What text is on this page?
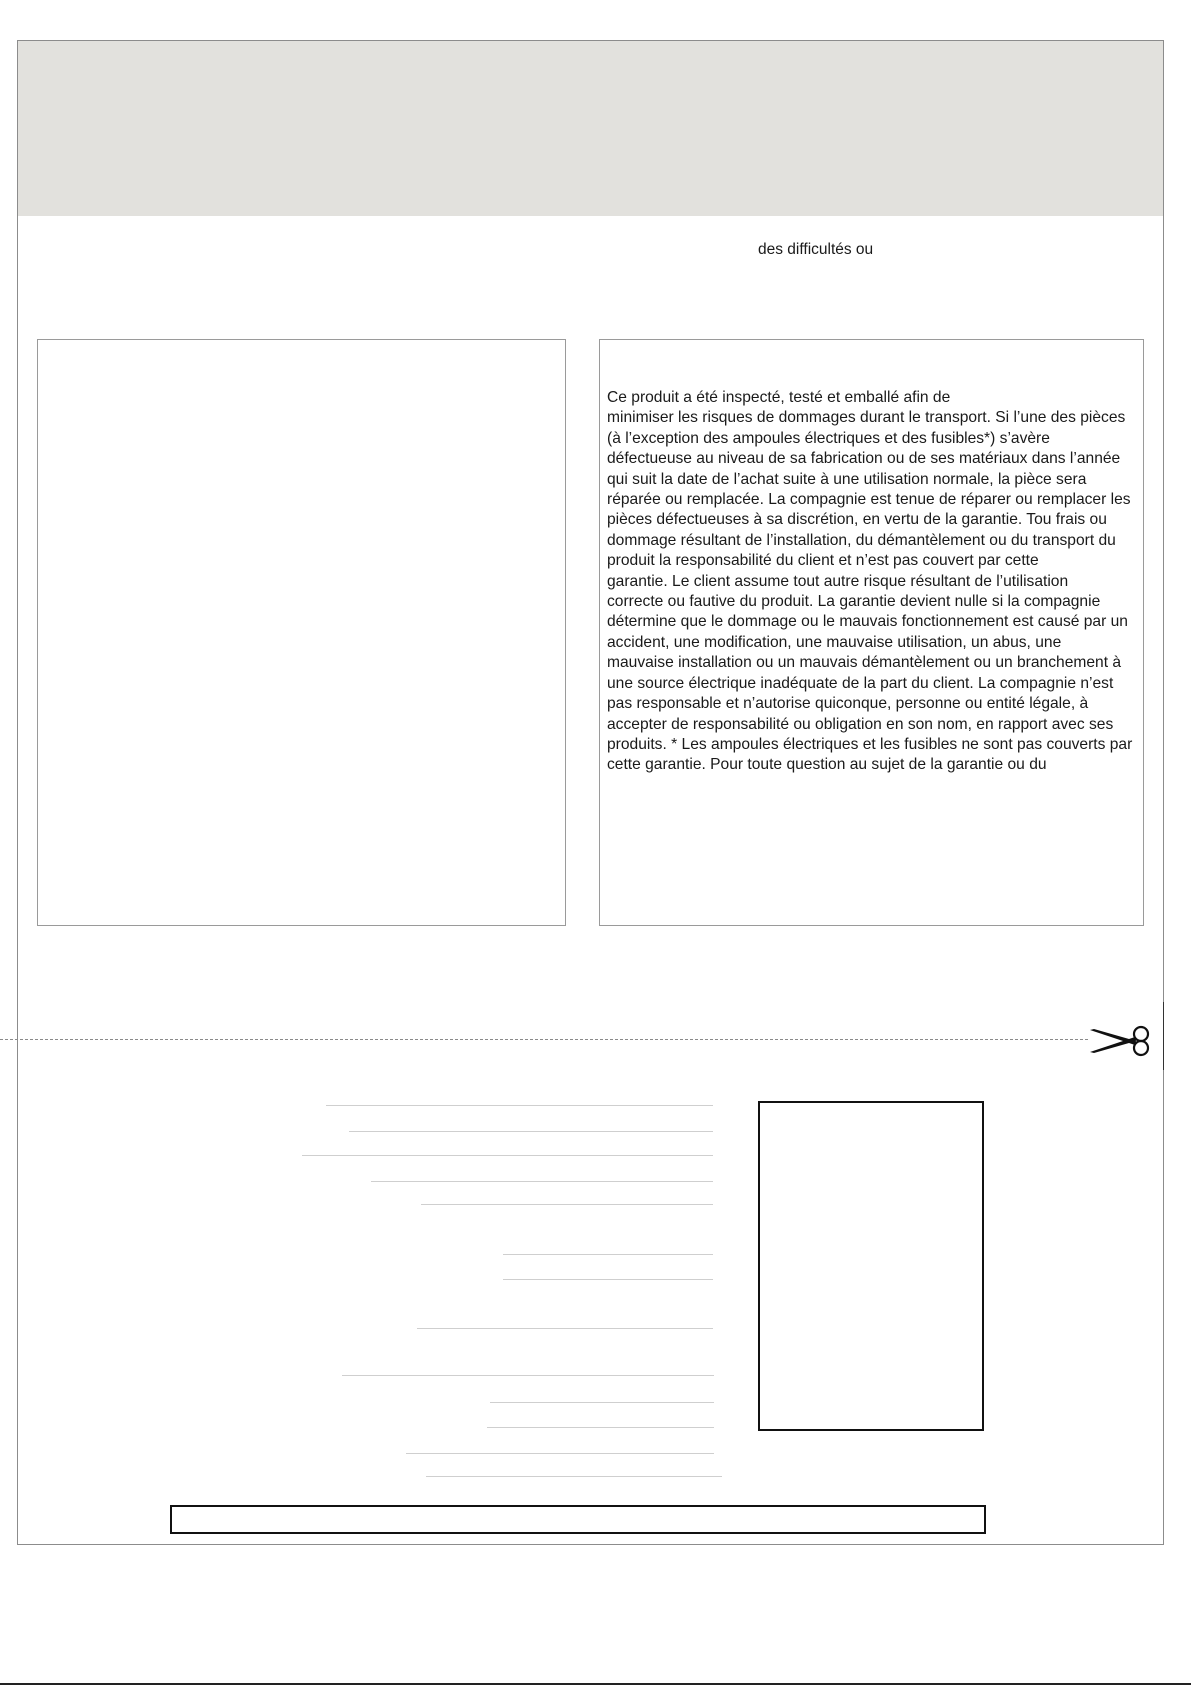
des difficultés ou
Ce produit a été inspecté, testé et emballé afin de
minimiser les risques de dommages durant le transport. Si l’une des pièces
(à l’exception des ampoules électriques et des fusibles*) s’avère
défectueuse au niveau de sa fabrication ou de ses matériaux dans l’année
qui suit la date de l’achat suite à une utilisation normale, la pièce sera
réparée ou remplacée. La compagnie est tenue de réparer ou remplacer les
pièces défectueuses à sa discrétion, en vertu de la garantie. Tou frais ou
dommage résultant de l’installation, du démantèlement ou du transport du
produit la responsabilité du client et n’est pas couvert par cette
garantie. Le client assume tout autre risque résultant de l’utilisation
correcte ou fautive du produit. La garantie devient nulle si la compagnie
détermine que le dommage ou le mauvais fonctionnement est causé par un
accident, une modification, une mauvaise utilisation, un abus, une
mauvaise installation ou un mauvais démantèlement ou un branchement à
une source électrique inadéquate de la part du client. La compagnie n’est
pas responsable et n’autorise quiconque, personne ou entité légale, à
accepter de responsabilité ou obligation en son nom, en rapport avec ses
produits. * Les ampoules électriques et les fusibles ne sont pas couverts par
cette garantie. Pour toute question au sujet de la garantie ou du
